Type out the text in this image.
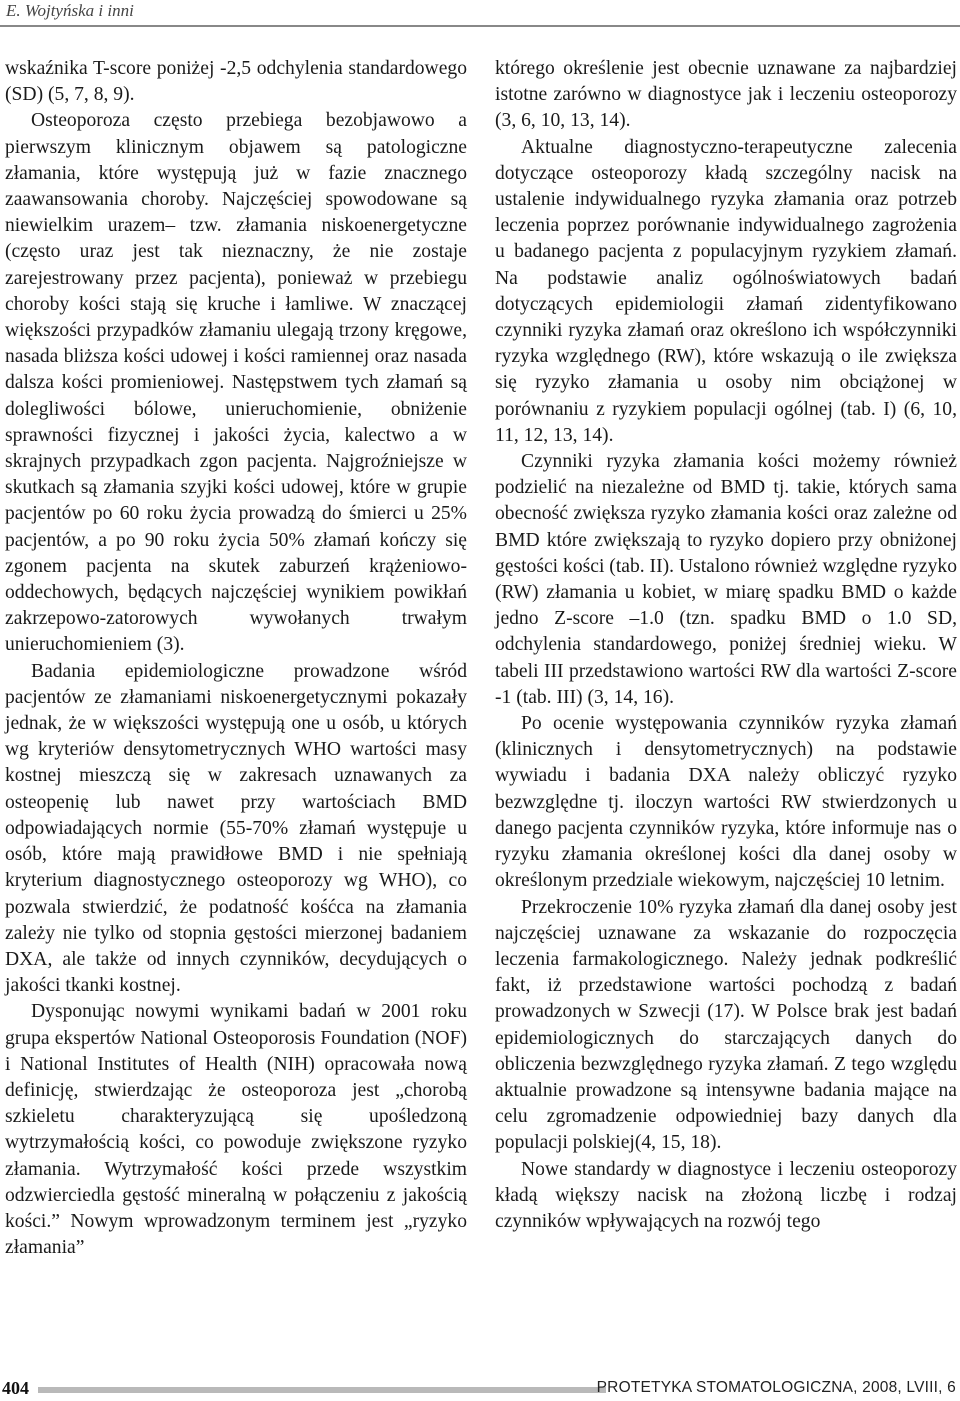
E. Wojtyńska i inni

wskaźnika T-score poniżej -2,5 odchylenia standardowego (SD) (5, 7, 8, 9).

Osteoporoza często przebiega bezobjawowo a pierwszym klinicznym objawem są patologiczne złamania, które występują już w fazie znacznego zaawansowania choroby. Najczęściej spowodowane są niewielkim urazem– tzw. złamania niskoenergetyczne (często uraz jest tak nieznaczny, że nie zostaje zarejestrowany przez pacjenta), ponieważ w przebiegu choroby kości stają się kruche i łamliwe. W znaczącej większości przypadków złamaniu ulegają trzony kręgowe, nasada bliższa kości udowej i kości ramiennej oraz nasada dalsza kości promieniowej. Następstwem tych złamań są dolegliwości bólowe, unieruchomienie, obniżenie sprawności fizycznej i jakości życia, kalectwo a w skrajnych przypadkach zgon pacjenta. Najgroźniejsze w skutkach są złamania szyjki kości udowej, które w grupie pacjentów po 60 roku życia prowadzą do śmierci u 25% pacjentów, a po 90 roku życia 50% złamań kończy się zgonem pacjenta na skutek zaburzeń krążeniowo-oddechowych, będących najczęściej wynikiem powikłań zakrzepowo-zatorowych wywołanych trwałym unieruchomieniem (3).

Badania epidemiologiczne prowadzone wśród pacjentów ze złamaniami niskoenergetycznymi pokazały jednak, że w większości występują one u osób, u których wg kryteriów densytometrycznych WHO wartości masy kostnej mieszczą się w zakresach uznawanych za osteopenię lub nawet przy wartościach BMD odpowiadających normie (55-70% złamań występuje u osób, które mają prawidłowe BMD i nie spełniają kryterium diagnostycznego osteoporozy wg WHO), co pozwala stwierdzić, że podatność kośćca na złamania zależy nie tylko od stopnia gęstości mierzonej badaniem DXA, ale także od innych czynników, decydujących o jakości tkanki kostnej.

Dysponując nowymi wynikami badań w 2001 roku grupa ekspertów National Osteoporosis Foundation (NOF) i National Institutes of Health (NIH) opracowała nową definicję, stwierdzając że osteoporoza jest „chorobą szkieletu charakteryzującą się upośledzoną wytrzymałością kości, co powoduje zwiększone ryzyko złamania. Wytrzymałość kości przede wszystkim odzwierciedla gęstość mineralną w połączeniu z jakością kości.” Nowym wprowadzonym terminem jest „ryzyko złamania”

którego określenie jest obecnie uznawane za najbardziej istotne zarówno w diagnostyce jak i leczeniu osteoporozy (3, 6, 10, 13, 14).

Aktualne diagnostyczno-terapeutyczne zalecenia dotyczące osteoporozy kładą szczególny nacisk na ustalenie indywidualnego ryzyka złamania oraz potrzeb leczenia poprzez porównanie indywidualnego zagrożenia u badanego pacjenta z populacyjnym ryzykiem złamań. Na podstawie analiz ogólnoświatowych badań dotyczących epidemiologii złamań zidentyfikowano czynniki ryzyka złamań oraz określono ich współczynniki ryzyka względnego (RW), które wskazują o ile zwiększa się ryzyko złamania u osoby nim obciążonej w porównaniu z ryzykiem populacji ogólnej (tab. I) (6, 10, 11, 12, 13, 14).

Czynniki ryzyka złamania kości możemy również podzielić na niezależne od BMD tj. takie, których sama obecność zwiększa ryzyko złamania kości oraz zależne od BMD które zwiększają to ryzyko dopiero przy obniżonej gęstości kości (tab. II). Ustalono również względne ryzyko (RW) złamania u kobiet, w miarę spadku BMD o każde jedno Z-score –1.0 (tzn. spadku BMD o 1.0 SD, odchylenia standardowego, poniżej średniej wieku. W tabeli III przedstawiono wartości RW dla wartości Z-score -1 (tab. III) (3, 14, 16).

Po ocenie występowania czynników ryzyka złamań (klinicznych i densytometrycznych) na podstawie wywiadu i badania DXA należy obliczyć ryzyko bezwzględne tj. iloczyn wartości RW stwierdzonych u danego pacjenta czynników ryzyka, które informuje nas o ryzyku złamania określonej kości dla danej osoby w określonym przedziale wiekowym, najczęściej 10 letnim.

Przekroczenie 10% ryzyka złamań dla danej osoby jest najczęściej uznawane za wskazanie do rozpoczęcia leczenia farmakologicznego. Należy jednak podkreślić fakt, iż przedstawione wartości pochodzą z badań prowadzonych w Szwecji (17). W Polsce brak jest badań epidemiologicznych do starczających danych do obliczenia bezwzględnego ryzyka złamań. Z tego względu aktualnie prowadzone są intensywne badania mające na celu zgromadzenie odpowiedniej bazy danych dla populacji polskiej(4, 15, 18).

Nowe standardy w diagnostyce i leczeniu osteoporozy kładą większy nacisk na złożoną liczbę i rodzaj czynników wpływających na rozwój tego

404	PROTETYKA STOMATOLOGICZNA, 2008, LVIII, 6
